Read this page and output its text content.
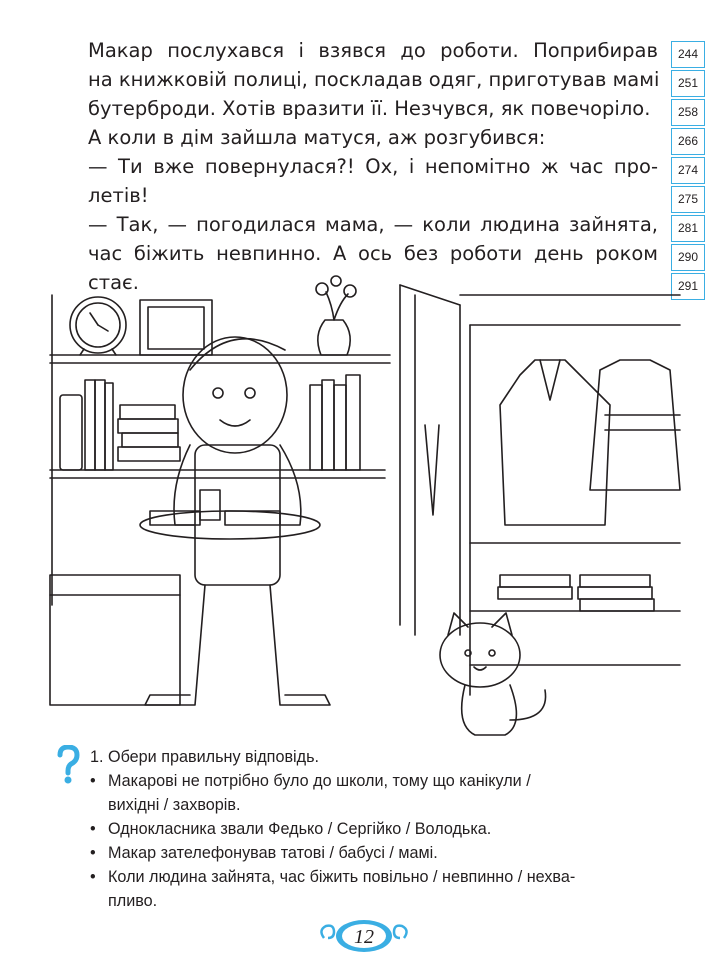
Макар послухався і взявся до роботи. Поприбирав
на книжковій полиці, поскладав одяг, приготував мамі
бутерброди. Хотів вразити її. Незчувся, як повечоріло.
А коли в дім зайшла матуся, аж розгубився:
— Ти вже повернулася?! Ох, і непомітно ж час про-
летів!
— Так, — погодилася мама, — коли людина зайнята,
час біжить невпинно. А ось без роботи день роком
стає.
244
251
258
266
274
275
281
290
291
1. Обери правильну відповідь.
• Макарові не потрібно було до школи, тому що канікули /
вихідні / захворів.
• Однокласника звали Федько / Сергійко / Володька.
• Макар зателефонував татові / бабусі / мамі.
• Коли людина зайнята, час біжить повільно / невпинно / нехва-
пливо.
12
